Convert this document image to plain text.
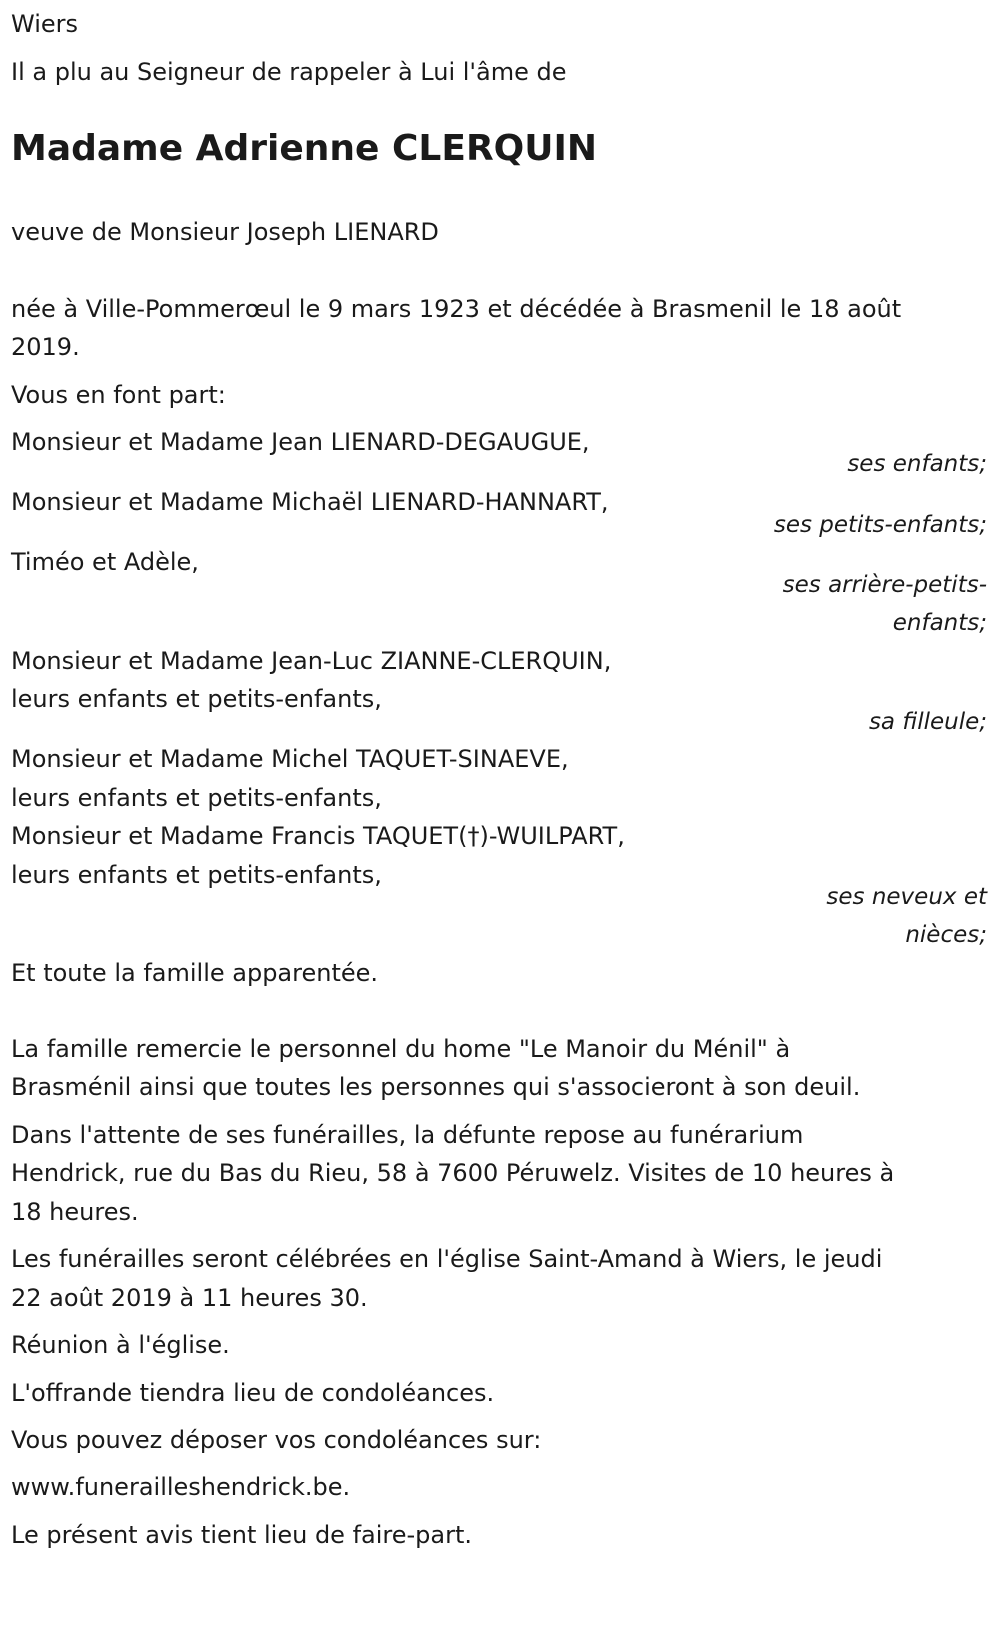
Wiers
Il a plu au Seigneur de rappeler à Lui l'âme de
Madame Adrienne CLERQUIN
veuve de Monsieur Joseph LIENARD
née à Ville-Pommerœul le 9 mars 1923 et décédée à Brasmenil le 18 août
2019.
Vous en font part:
Monsieur et Madame Jean LIENARD-DEGAUGUE,
ses enfants;
Monsieur et Madame Michaël LIENARD-HANNART,
ses petits-enfants;
Timéo et Adèle,
ses arrière-petits-
enfants;
Monsieur et Madame Jean-Luc ZIANNE-CLERQUIN,
leurs enfants et petits-enfants,
sa filleule;
Monsieur et Madame Michel TAQUET-SINAEVE,
leurs enfants et petits-enfants,
Monsieur et Madame Francis TAQUET(†)-WUILPART,
leurs enfants et petits-enfants,
ses neveux et
nièces;
Et toute la famille apparentée.
La famille remercie le personnel du home "Le Manoir du Ménil" à
Brasménil ainsi que toutes les personnes qui s'associeront à son deuil.
Dans l'attente de ses funérailles, la défunte repose au funérarium
Hendrick, rue du Bas du Rieu, 58 à 7600 Péruwelz. Visites de 10 heures à
18 heures.
Les funérailles seront célébrées en l'église Saint-Amand à Wiers, le jeudi
22 août 2019 à 11 heures 30.
Réunion à l'église.
L'offrande tiendra lieu de condoléances.
Vous pouvez déposer vos condoléances sur:
www.funerailleshendrick.be.
Le présent avis tient lieu de faire-part.
